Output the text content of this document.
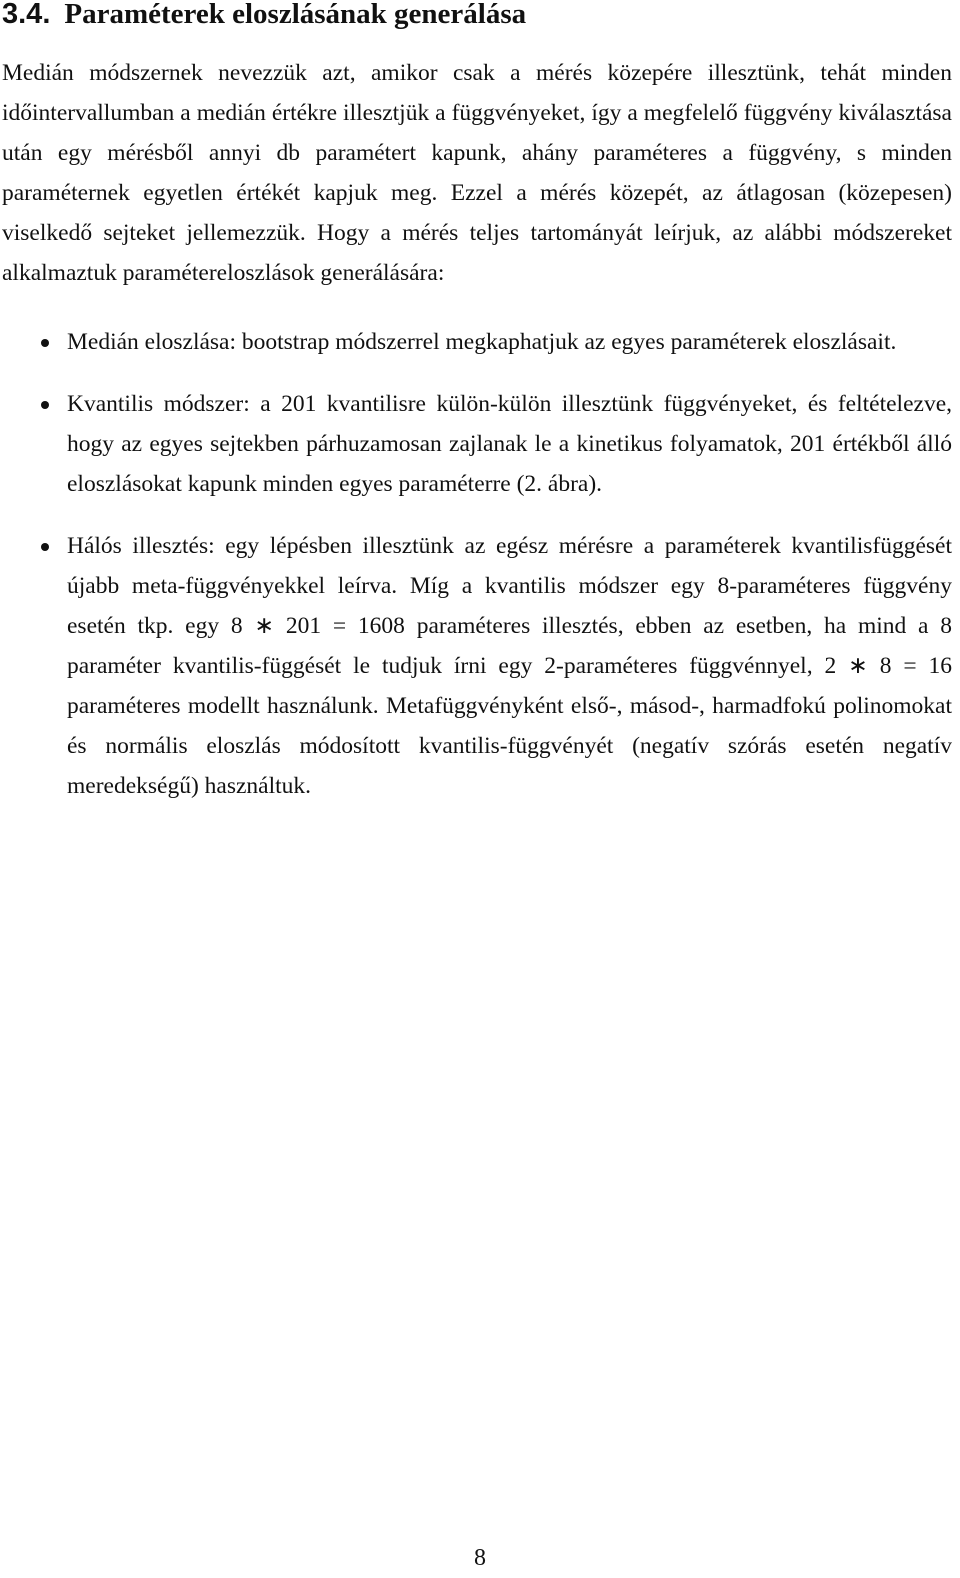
3.4. Paraméterek eloszlásának generálása

Medián módszernek nevezzük azt, amikor csak a mérés közepére illesztünk, tehát minden időintervallumban a medián értékre illesztjük a függvényeket, így a megfelelő függvény kiválasztása után egy mérésből annyi db paramétert kapunk, ahány paraméteres a függvény, s minden paraméternek egyetlen értékét kapjuk meg. Ezzel a mérés közepét, az átlagosan (közepesen) viselkedő sejteket jellemezzük. Hogy a mérés teljes tartományát leírjuk, az alábbi módszereket alkalmaztuk paramétereloszlások generálására:

Medián eloszlása: bootstrap módszerrel megkaphatjuk az egyes paraméterek eloszlásait.
Kvantilis módszer: a 201 kvantilisre külön-külön illesztünk függvényeket, és feltételezve, hogy az egyes sejtekben párhuzamosan zajlanak le a kinetikus folyamatok, 201 értékből álló eloszlásokat kapunk minden egyes paraméterre (2. ábra).
Hálós illesztés: egy lépésben illesztünk az egész mérésre a paraméterek kvantilisfüggését újabb meta-függvényekkel leírva. Míg a kvantilis módszer egy 8-paraméteres függvény esetén tkp. egy 8 ∗ 201 = 1608 paraméteres illesztés, ebben az esetben, ha mind a 8 paraméter kvantilis-függését le tudjuk írni egy 2-paraméteres függvénnyel, 2 ∗ 8 = 16 paraméteres modellt használunk. Metafüggvényként első-, másod-, harmadfokú polinomokat és normális eloszlás módosított kvantilis-függvényét (negatív szórás esetén negatív meredekségű) használtuk.
8
